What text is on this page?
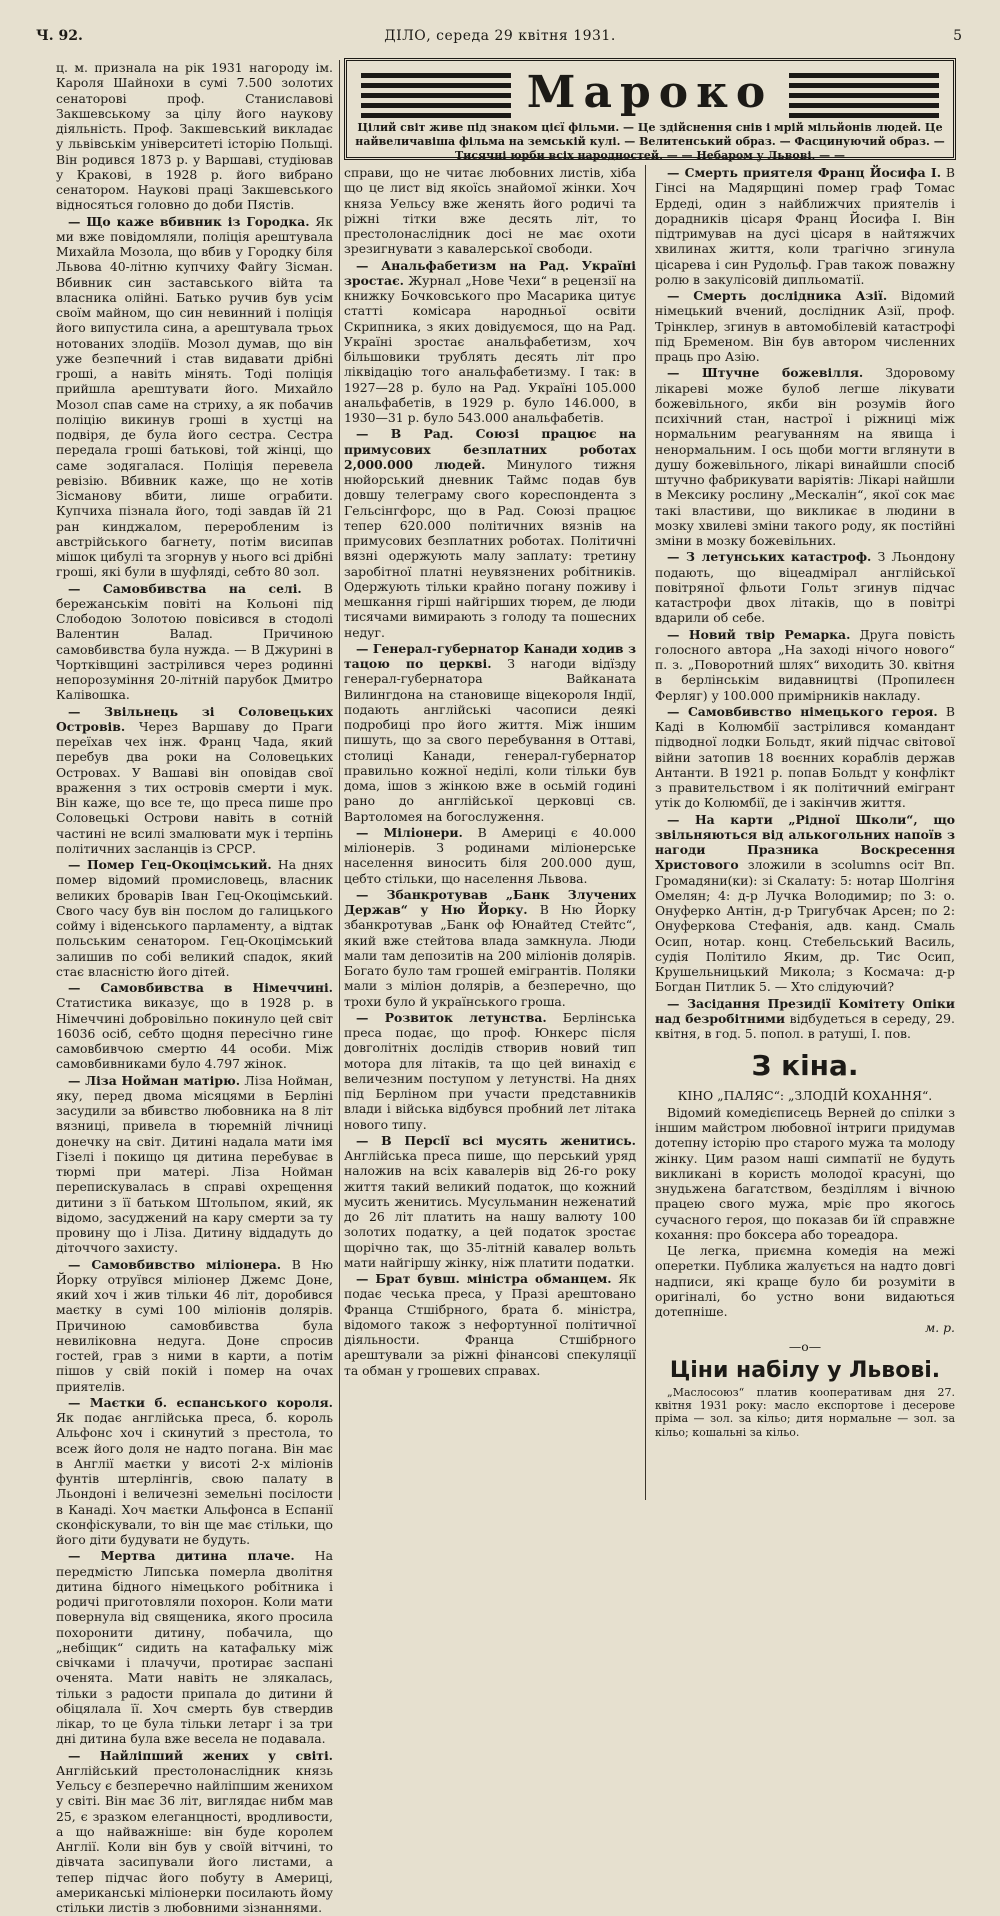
Ч. 92.	ДІЛО, середа 29 квітня 1931.	5
Мароко
Цілий світ живе під знаком цієї фільми. — Це здійснення снів і мрій мільйонів людей. Це найвеличавіша фільма на земській кулі. — Велитенський образ. — Фасцинуючий образ. — Тисячні юрби всіх народностей. — — Небаром у Львові. — —

ц. м. признала на рік 1931 нагороду ім. Кароля Шайнохи в сумі 7.500 золотих сенаторові проф. Станиславові Закшевському за цілу його наукову діяльність. Проф. Закшевський викладає у львівськім університеті історію Польщі. Він родився 1873 р. у Варшаві, студіював у Кракові, в 1928 р. його вибрано сенатором. Наукові праці Закшевського відносяться головно до доби Пястів.

— Що каже вбивник із Городка. Як ми вже повідомляли, поліція арештувала Михайла Мозола, що вбив у Городку біля Львова 40-літню купчиху Файгу Зісман. Вбивник син заставського війта та власника олійні. Батько ручив був усім своїм майном, що син невинний і поліція його випустила сина, а арештувала трьох нотованих злодіїв. Мозол думав, що він уже безпечний і став видавати дрібні гроші, а навіть мінять. Тоді поліція прийшла арештувати його. Михайло Мозол спав саме на стриху, а як побачив поліцію викинув гроші в хустці на подвіря, де була його сестра. Сестра передала гроші батькові, той жінці, що саме зодягалася. Поліція перевела ревізію. Вбивник каже, що не хотів Зісманову вбити, лише ограбити. Купчиха пізнала його, тоді завдав їй 21 ран кинджалом, переробленим із австрійського багнету, потім висипав мішок цибулі та згорнув у нього всі дрібні гроші, які були в шуфляді, себто 80 зол.

— Самовбивства на селі. В бережанськім повіті на Кольоні під Слободою Золотою повісився в стодолі Валентин Валад. Причиною самовбивства була нужда. — В Джурині в Чортківщині застрілився через родинні непорозуміння 20-літній парубок Дмитро Калівошка.

— Звільнець зі Соловецьких Островів. Через Варшаву до Праги переїхав чех інж. Франц Чада, який перебув два роки на Соловецьких Островах. У Вашаві він оповідав свої враження з тих островів смерти і мук. Він каже, що все те, що преса пише про Соловецькі Острови навіть в сотній частині не всилі змалювати мук і терпінь політичних засланців із СРСР.

— Помер Гец-Окоцімський. На днях помер відомий промисловець, власник великих броварів Іван Гец-Окоцімський. Свого часу був він послом до галицького сойму і віденського парламенту, а відтак польським сенатором. Гец-Окоцімський залишив по собі великий спадок, який стає власністю його дітей.

— Самовбивства в Німеччині. Статистика виказує, що в 1928 р. в Німеччині добровільно покинуло цей світ 16036 осіб, себто щодня пересічно гине самовбивчою смертю 44 особи. Між самовбивниками було 4.797 жінок.

— Ліза Нойман матірю. Ліза Нойман, яку, перед двома місяцями в Берліні засудили за вбивство любовника на 8 літ вязниці, привела в тюремній лічниці донечку на світ. Дитині надала мати імя Гізелі і покищо ця дитина перебуває в тюрмі при матері. Ліза Нойман перепискувалась в справі охрещення дитини з її батьком Штольпом, який, як відомо, засуджений на кару смерти за ту провину що і Ліза. Дитину віддадуть до діточчого захисту.

— Самовбивство мілiонера. В Ню Йорку отруївся міліонер Джемс Доне, який хоч і жив тільки 46 літ, доробився маєтку в сумі 100 міліонів долярів. Причиною самовбивства була невиліковна недуга. Доне спросив гостей, грав з ними в карти, а потім пішов у свій покій і помер на очах приятелів.

— Маєтки б. еспанського короля. Як подає англійська преса, б. король Альфонс хоч і скинутий з престола, то всеж його доля не надто погана. Він має в Англії маєтки у висоті 2-х міліонів фунтів штерлінгів, свою палату в Льондоні і величезні земельні посілости в Канаді. Хоч маєтки Альфонса в Еспанії сконфіскували, то він ще має стільки, що його діти будувати не будуть.

— Мертва дитина плаче. На передмістю Липська померла дволітня дитина бідного німецького робітника і родичі приготовляли похорон. Коли мати повернула від священика, якого просила похоронити дитину, побачила, що „небіщик“ сидить на катафальку між свічками і плачучи, протирає заспані оченята. Мати навіть не злякалась, тільки з радости припала до дитини й обіцялала її. Хоч смерть був ствердив лікар, то це була тільки летарг і за три дні дитина була вже весела не подавала.

— Найліпший жених у світі. Англійський престолонаслідник князь Уельсу є безперечно найліпшим женихом у світі. Він має 36 літ, виглядає нибм мав 25, є зразком елеганцності, вродливости, а що найважніше: він буде королем Англії. Коли він був у своїй вітчині, то дівчата засипували його листами, а тепер підчас його побуту в Америці, американські міліонерки посилають йому стільки листів з любовними зізнаннями.

справи, що не читає любовних листів, хіба що це лист від якоїсь знайомої жінки. Хоч княза Уельсу вже женять його родичі та ріжні тітки вже десять літ, то престолонаслідник досі не має охоти зрезигнувати з кавалерської свободи.

— Анальфабетизм на Рад. Україні зростає. Журнал „Нове Чехи“ в рецензії на книжку Бочковського про Масарика цитує статті комісара народньої освіти Скрипника, з яких довідуємося, що на Рад. Україні зростає анальфабетизм, хоч більшовики трублять десять літ про ліквідацію того анальфабетизму. І так: в 1927—28 р. було на Рад. Україні 105.000 анальфабетів, в 1929 р. було 146.000, в 1930—31 р. було 543.000 анальфабетів.

— В Рад. Союзі працює на примусових безплатних роботах 2,000.000 людей. Минулого тижня нюйорський дневник Таймс подав був довшу телеграму свого кореспондента з Гельсінгфорс, що в Рад. Союзі працює тепер 620.000 політичних вязнів на примусових безплатних роботах. Політичні вязні одержують малу заплату: третину заробітної платні неувязнених робітників. Одержують тільки крайно погану поживу і мешкання гірші найгірших тюрем, де люди тисячами вимирають з голоду та пошесних недуг.

— Генерал-губернатор Канади ходив з тацою по церкві. З нагоди відїзду генерал-губернатора Вайканата Вилингдона на становище віцекороля Індії, подають англійські часописи деякі подробиці про його життя. Між іншим пишуть, що за свого перебування в Оттаві, столиці Канади, генерал-губернатор правильно кожної неділі, коли тільки був дома, ішов з жінкою вже в осьмій годині рано до англійської церковці св. Вартоломея на богослуження.

— Мілiонери. В Америці є 40.000 мілiонерів. З родинами міліонерське населення виносить біля 200.000 душ, цебто стільки, що населення Львова.

— Збанкротував „Банк Злучених Держав“ у Ню Йорку. В Ню Йорку збанкротував „Банк оф Юнайтед Стейтс“, який вже стейтова влада замкнула. Люди мали там депозитів на 200 міліонів долярів. Богато було там грошей емігрантів. Поляки мали з міліон долярів, а безперечно, що трохи було й українського гроша.

— Розвиток летунства. Берлінська преса подає, що проф. Юнкерс після довголітніх дослідів створив новий тип мотора для літаків, та що цей винахід є величезним поступом у летунстві. На днях під Берліном при участи представників влади і війська відбувся пробний лет літака нового типу.

— В Персії всі мусять женитись. Англійська преса пише, що перський уряд наложив на всіх кавалерів від 26-го року життя такий великий податок, що кожний мусить женитись. Мусульманин неженатий до 26 літ платить на нашу валюту 100 золотих податку, а цей податок зростає щорічно так, що 35-літній кавалер вольть мати найгіршу жінку, ніж платити податки.

— Брат бувш. міністра обманцем. Як подає чеська преса, у Празі арештовано Франца Стшібрного, брата б. міністра, відомого також з нефортунної політичної діяльности. Франца Стшібрного арештували за ріжні фінансові спекуляції та обман у грошевих справах.

— Смерть приятеля Франц Йосифа I. В Гінсі на Мадярщині помер граф Томас Ердеді, один з найближчих приятелів і дорадників цісаря Франц Йосифа I. Він підтримував на дусі цісаря в найтяжчих хвилинах життя, коли трагічно згинула цісарева і син Рудольф. Грав також поважну ролю в закулісовій дипльоматії.

— Смерть дослідника Азії. Відомий німецький вчений, дослідник Азії, проф. Трінклер, згинув в автомобілевій катастрофі під Бременом. Він був автором численних праць про Азію.

— Штучне божевілля. Здоровому лікареві може булоб легше лікувати божевільного, якби він розумів його психічний стан, настрої і ріжниці між нормальним реагуванням на явища і ненормальним. І ось щоби могти вглянути в душу божевільного, лікарі винайшли спосіб штучно фабрикувати варіятів: Лікарі найшли в Мексику рослину „Мескалін“, якої сок має такі властиви, що викликає в людини в мозку хвилеві зміни такого роду, як постійні зміни в мозку божевільних.

— З летунських катастроф. З Льондону подають, що віцеадмірал англійської повітряної фльоти Гольт згинув підчас катастрофи двох літаків, що в повітрі вдарили об себе.

— Новий твір Ремарка. Друга повість голосного автора „На заході нічого нового“ п. з. „Поворотний шлях“ виходить 30. квітня в берлінськім видавництві (Пропилеєн Ферляг) у 100.000 примірників накладу.

— Самовбивство німецького героя. В Каді в Колюмбії застрілився командант підводної лодки Больдт, який підчас світової війни затопив 18 воєнних кораблів держав Антанти. В 1921 р. попав Больдт у конфлікт з правительством і як політичний емігрант утік до Колюмбії, де і закінчив життя.

— На карти „Рідної Школи“, що звільняються від алькогольних напоїв з нагоди Празника Воскресення Христового зложили в зcolumns осіт Вп. Громадяни(ки): зі Скалату: 5: нотар Шолгіня Омелян; 4: д-р Лучка Володимир; по 3: о. Онуферко Антін, д-р Тригубчак Арсен; по 2: Онуферкова Стефанія, адв. канд. Смаль Осип, нотар. конц. Стебельський Василь, судія Політило Яким, др. Тис Осип, Крушельницький Микола; з Космача: д-р Богдан Питлик 5. — Хто слідуючий?

— Засідання Президії Комітету Опіки над безробітними відбудеться в середу, 29. квітня, в год. 5. попол. в ратуші, І. пов.

З кіна.
КІНО „ПАЛЯС“: „ЗЛОДІЙ КОХАННЯ“.

Відомий комедієписець Верней до спілки з іншим майстром любовної інтриги придумав дотепну історію про старого мужа та молоду жінку. Цим разом наші симпатії не будуть викликані в користь молодої красуні, що знудьжена багатством, безділлям і вічною працею свого мужа, мріє про якогось сучасного героя, що показав би їй справжне кохання: про боксера або тореадора.

Це легка, приємна комедія на межі оперетки. Публика жалується на надто довгі надписи, які краще було би розуміти в оригіналі, бо устно вони видаються дотепніше.

м. р.
—о—
Ціни набілу у Львові.

„Маслосоюз“ платив кооперативам дня 27. квітня 1931 року: масло експортове і десерове пріма — зол. за кільо; дитя нормальне — зол. за кільо; кошальні за кільо.
